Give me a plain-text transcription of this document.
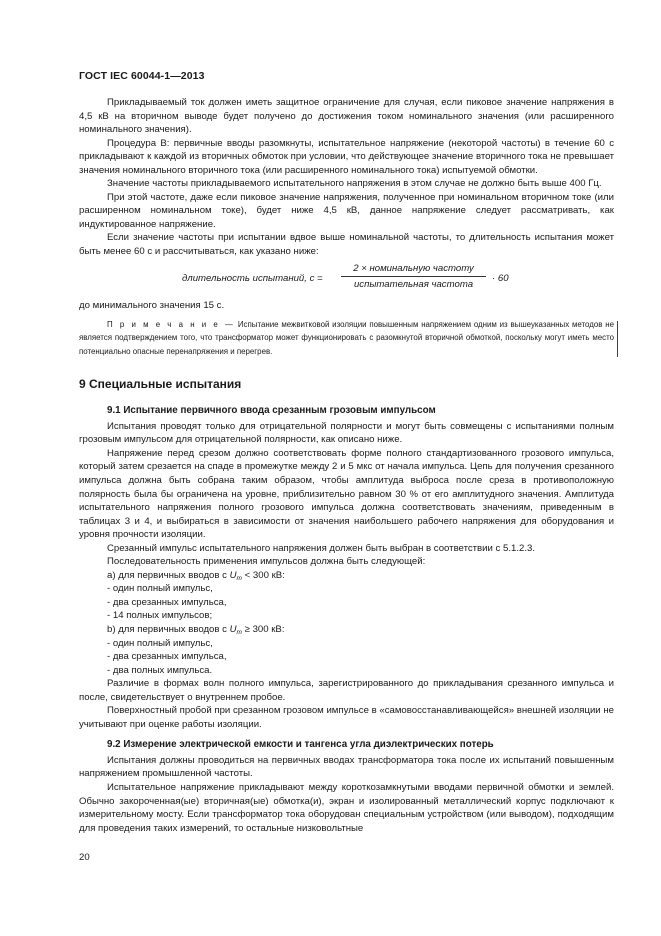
ГОСТ IEC 60044-1—2013

Прикладываемый ток должен иметь защитное ограничение для случая, если пиковое значение напряжения в 4,5 кВ на вторичном выводе будет получено до достижения током номинального значения (или расширенного номинального значения).

Процедура B: первичные вводы разомкнуты, испытательное напряжение (некоторой частоты) в течение 60 с прикладывают к каждой из вторичных обмоток при условии, что действующее значение вторичного тока не превышает значения номинального вторичного тока (или расширенного номинального тока) испытуемой обмотки.

Значение частоты прикладываемого испытательного напряжения в этом случае не должно быть выше 400 Гц.

При этой частоте, даже если пиковое значение напряжения, полученное при номинальном вторичном токе (или расширенном номинальном токе), будет ниже 4,5 кВ, данное напряжение следует рассматривать, как индуктированное напряжение.

Если значение частоты при испытании вдвое выше номинальной частоты, то длительность испытания может быть менее 60 с и рассчитываться, как указано ниже:

длительность испытаний, c =
2 × номинальную частоту
испытательная частота
· 60

до минимального значения 15 с.

П р и м е ч а н и е — Испытание межвитковой изоляции повышенным напряжением одним из вышеуказанных методов не является подтверждением того, что трансформатор может функционировать с разомкнутой вторичной обмоткой, поскольку могут иметь место потенциально опасные перенапряжения и перегрев.
9 Специальные испытания
9.1 Испытание первичного ввода срезанным грозовым импульсом

Испытания проводят только для отрицательной полярности и могут быть совмещены с испытаниями полным грозовым импульсом для отрицательной полярности, как описано ниже.

Напряжение перед срезом должно соответствовать форме полного стандартизованного грозового импульса, который затем срезается на спаде в промежутке между 2 и 5 мкс от начала импульса. Цепь для получения срезанного импульса должна быть собрана таким образом, чтобы амплитуда выброса после среза в противоположную полярность была бы ограничена на уровне, приблизительно равном 30 % от его амплитудного значения. Амплитуда испытательного напряжения полного грозового импульса должна соответствовать значениям, приведенным в таблицах 3 и 4, и выбираться в зависимости от значения наибольшего рабочего напряжения для оборудования и уровня прочности изоляции.

Срезанный импульс испытательного напряжения должен быть выбран в соответствии с 5.1.2.3.

Последовательность применения импульсов должна быть следующей:

a) для первичных вводов с $U_m < 300$ кВ:

- один полный импульс,

- два срезанных импульса,

- 14 полных импульсов;

b) для первичных вводов с $U_m \ge 300$ кВ:

- один полный импульс,

- два срезанных импульса,

- два полных импульса.

Различие в формах волн полного импульса, зарегистрированного до прикладывания срезанного импульса и после, свидетельствует о внутреннем пробое.

Поверхностный пробой при срезанном грозовом импульсе в «самовосстанавливающейся» внешней изоляции не учитывают при оценке работы изоляции.

9.2 Измерение электрической емкости и тангенса угла диэлектрических потерь

Испытания должны проводиться на первичных вводах трансформатора тока после их испытаний повышенным напряжением промышленной частоты.

Испытательное напряжение прикладывают между короткозамкнутыми вводами первичной обмотки и землей. Обычно закороченная(ые) вторичная(ые) обмотка(и), экран и изолированный металлический корпус подключают к измерительному мосту. Если трансформатор тока оборудован специальным устройством (или выводом), подходящим для проведения таких измерений, то остальные низковольтные

20
